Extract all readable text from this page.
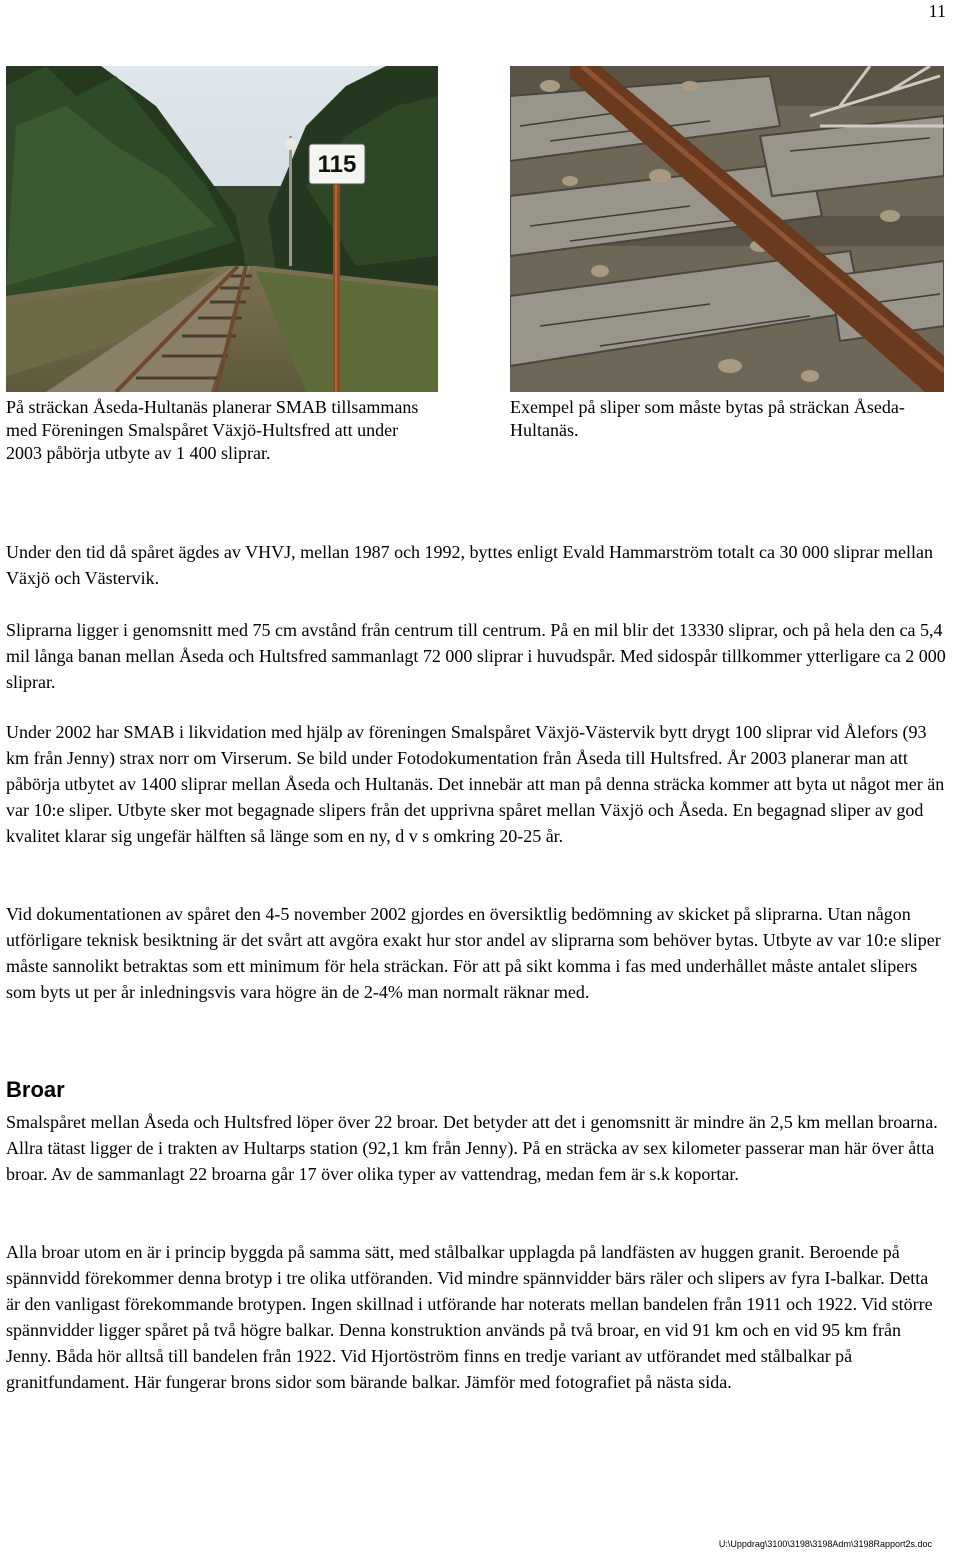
11
115
På sträckan Åseda-Hultanäs planerar SMAB tillsammans med Föreningen Smalspåret Växjö-Hultsfred att under 2003 påbörja utbyte av 1 400 sliprar.
Exempel på sliper som måste bytas på sträckan Åseda-Hultanäs.

Under den tid då spåret ägdes av VHVJ, mellan 1987 och 1992, byttes enligt Evald Hammarström totalt ca 30 000 sliprar mellan Växjö och Västervik.

Sliprarna ligger i genomsnitt med 75 cm avstånd från centrum till centrum. På en mil blir det 13330 sliprar, och på hela den ca 5,4 mil långa banan mellan Åseda och Hultsfred sammanlagt 72 000 sliprar i huvudspår. Med sidospår tillkommer ytterligare ca 2 000 sliprar.

Under 2002 har SMAB i likvidation med hjälp av föreningen Smalspåret Växjö-Västervik bytt drygt 100 sliprar vid Ålefors (93 km från Jenny) strax norr om Virserum. Se bild under Fotodokumentation från Åseda till Hultsfred. År 2003 planerar man att påbörja utbytet av 1400 sliprar mellan Åseda och Hultanäs. Det innebär att man på denna sträcka kommer att byta ut något mer än var 10:e sliper. Utbyte sker mot begagnade slipers från det upprivna spåret mellan Växjö och Åseda. En begagnad sliper av god kvalitet klarar sig ungefär hälften så länge som en ny, d v s omkring 20-25 år.

Vid dokumentationen av spåret den 4-5 november 2002 gjordes en översiktlig bedömning av skicket på sliprarna. Utan någon utförligare teknisk besiktning är det svårt att avgöra exakt hur stor andel av sliprarna som behöver bytas. Utbyte av var 10:e sliper måste sannolikt betraktas som ett minimum för hela sträckan. För att på sikt komma i fas med underhållet måste antalet slipers som byts ut per år inledningsvis vara högre än de 2-4% man normalt räknar med.

Broar

Smalspåret mellan Åseda och Hultsfred löper över 22 broar. Det betyder att det i genomsnitt är mindre än 2,5 km mellan broarna. Allra tätast ligger de i trakten av Hultarps station (92,1 km från Jenny). På en sträcka av sex kilometer passerar man här över åtta broar. Av de sammanlagt 22 broarna går 17 över olika typer av vattendrag, medan fem är s.k koportar.

Alla broar utom en är i princip byggda på samma sätt, med stålbalkar upplagda på landfästen av huggen granit. Beroende på spännvidd förekommer denna brotyp i tre olika utföranden. Vid mindre spännvidder bärs räler och slipers av fyra I-balkar. Detta är den vanligast förekommande brotypen. Ingen skillnad i utförande har noterats mellan bandelen från 1911 och 1922. Vid större spännvidder ligger spåret på två högre balkar. Denna konstruktion används på två broar, en vid 91 km och en vid 95 km från Jenny. Båda hör alltså till bandelen från 1922. Vid Hjortöström finns en tredje variant av utförandet med stålbalkar på granitfundament. Här fungerar brons sidor som bärande balkar. Jämför med fotografiet på nästa sida.

U:\Uppdrag\3100\3198\3198Adm\3198Rapport2s.doc
